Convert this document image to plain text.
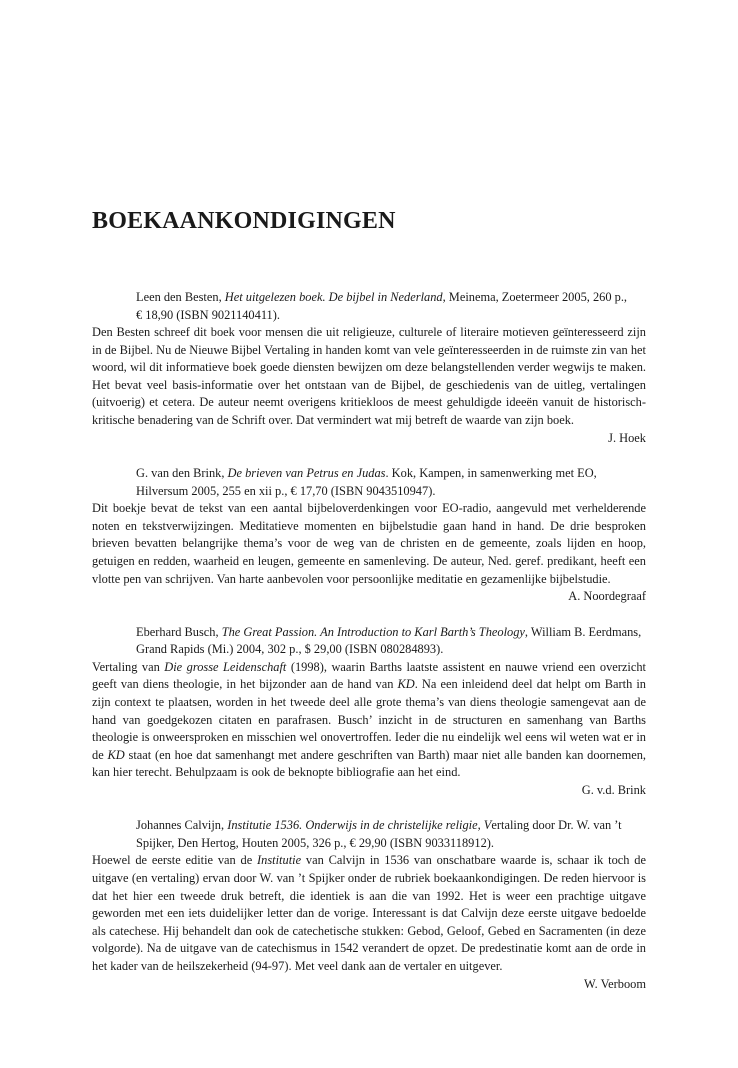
BOEKAANKONDIGINGEN

Leen den Besten, Het uitgelezen boek. De bijbel in Nederland, Meinema, Zoetermeer 2005, 260 p.,
€ 18,90 (ISBN 9021140411).

Den Besten schreef dit boek voor mensen die uit religieuze, culturele of literaire motieven geïnteresseerd zijn in de Bijbel. Nu de Nieuwe Bijbel Vertaling in handen komt van vele geïnteresseerden in de ruimste zin van het woord, wil dit informatieve boek goede diensten bewijzen om deze belangstellenden verder wegwijs te maken. Het bevat veel basis-informatie over het ontstaan van de Bijbel, de geschiedenis van de uitleg, vertalingen (uitvoerig) et cetera. De auteur neemt overigens kritiekloos de meest gehuldigde ideeën vanuit de historisch- kritische benadering van de Schrift over. Dat vermindert wat mij betreft de waarde van zijn boek.

J. Hoek

G. van den Brink, De brieven van Petrus en Judas. Kok, Kampen, in samenwerking met EO,
Hilversum 2005, 255 en xii p., € 17,70 (ISBN 9043510947).

Dit boekje bevat de tekst van een aantal bijbeloverdenkingen voor EO-radio, aangevuld met verhelderende noten en tekstverwijzingen. Meditatieve momenten en bijbelstudie gaan hand in hand. De drie besproken brieven bevatten belangrijke thema’s voor de weg van de christen en de gemeente, zoals lijden en hoop, getuigen en redden, waarheid en leugen, gemeente en samenleving. De auteur, Ned. geref. predikant, heeft een vlotte pen van schrijven. Van harte aanbevolen voor persoonlijke meditatie en gezamenlijke bijbelstudie.

A. Noordegraaf

Eberhard Busch, The Great Passion. An Introduction to Karl Barth’s Theology, William B. Eerdmans,
Grand Rapids (Mi.) 2004, 302 p., $ 29,00 (ISBN 080284893).

Vertaling van Die grosse Leidenschaft (1998), waarin Barths laatste assistent en nauwe vriend een overzicht geeft van diens theologie, in het bijzonder aan de hand van KD. Na een inleidend deel dat helpt om Barth in zijn context te plaatsen, worden in het tweede deel alle grote thema’s van diens theologie samengevat aan de hand van goedgekozen citaten en parafrasen. Busch’ inzicht in de structuren en samenhang van Barths theologie is onweersproken en misschien wel onovertroffen. Ieder die nu eindelijk wel eens wil weten wat er in de KD staat (en hoe dat samenhangt met andere geschriften van Barth) maar niet alle banden kan doornemen, kan hier terecht. Behulpzaam is ook de beknopte bibliografie aan het eind.

G. v.d. Brink

Johannes Calvijn, Institutie 1536. Onderwijs in de christelijke religie, Vertaling door Dr. W. van ’t
Spijker, Den Hertog, Houten 2005, 326 p., € 29,90 (ISBN 9033118912).

Hoewel de eerste editie van de Institutie van Calvijn in 1536 van onschatbare waarde is, schaar ik toch de uitgave (en vertaling) ervan door W. van ’t Spijker onder de rubriek boekaankondigingen. De reden hiervoor is dat het hier een tweede druk betreft, die identiek is aan die van 1992. Het is weer een prachtige uitgave geworden met een iets duidelijker letter dan de vorige. Interessant is dat Calvijn deze eerste uitgave bedoelde als catechese. Hij behandelt dan ook de catechetische stukken: Gebod, Geloof, Gebed en Sacramenten (in deze volgorde). Na de uitgave van de catechismus in 1542 verandert de opzet. De predestinatie komt aan de orde in het kader van de heilszekerheid (94-97). Met veel dank aan de vertaler en uitgever.

W. Verboom
